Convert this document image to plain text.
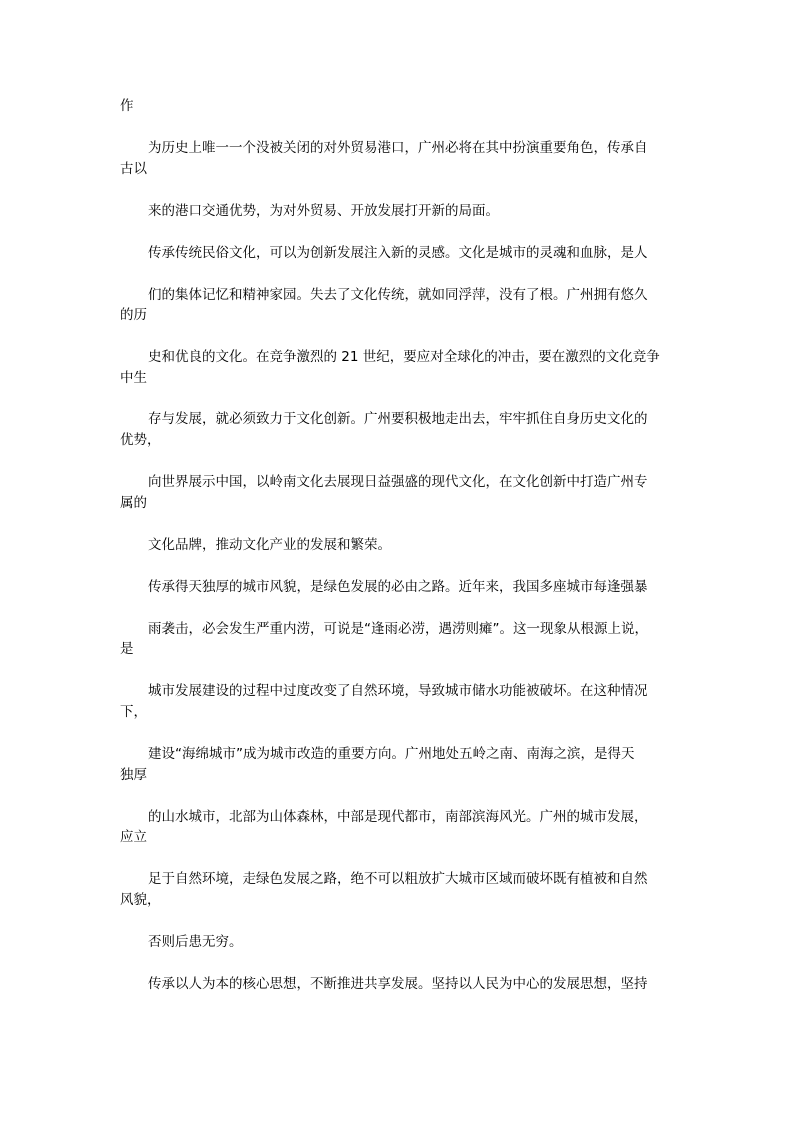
作
为历史上唯一一个没被关闭的对外贸易港口，广州必将在其中扮演重要角色，传承自
古以
来的港口交通优势，为对外贸易、开放发展打开新的局面。
传承传统民俗文化，可以为创新发展注入新的灵感。文化是城市的灵魂和血脉，是人
们的集体记忆和精神家园。失去了文化传统，就如同浮萍，没有了根。广州拥有悠久
的历
史和优良的文化。在竞争激烈的 21 世纪，要应对全球化的冲击，要在激烈的文化竞争
中生
存与发展，就必须致力于文化创新。广州要积极地走出去，牢牢抓住自身历史文化的
优势，
向世界展示中国，以岭南文化去展现日益强盛的现代文化，在文化创新中打造广州专
属的
文化品牌，推动文化产业的发展和繁荣。
传承得天独厚的城市风貌，是绿色发展的必由之路。近年来，我国多座城市每逢强暴
雨袭击，必会发生严重内涝，可说是“逢雨必涝，遇涝则瘫”。这一现象从根源上说，
是
城市发展建设的过程中过度改变了自然环境，导致城市储水功能被破坏。在这种情况
下，
建设“海绵城市”成为城市改造的重要方向。广州地处五岭之南、南海之滨，是得天
独厚
的山水城市，北部为山体森林，中部是现代都市，南部滨海风光。广州的城市发展，
应立
足于自然环境，走绿色发展之路，绝不可以粗放扩大城市区域而破坏既有植被和自然
风貌，
否则后患无穷。
传承以人为本的核心思想，不断推进共享发展。坚持以人民为中心的发展思想，坚持
